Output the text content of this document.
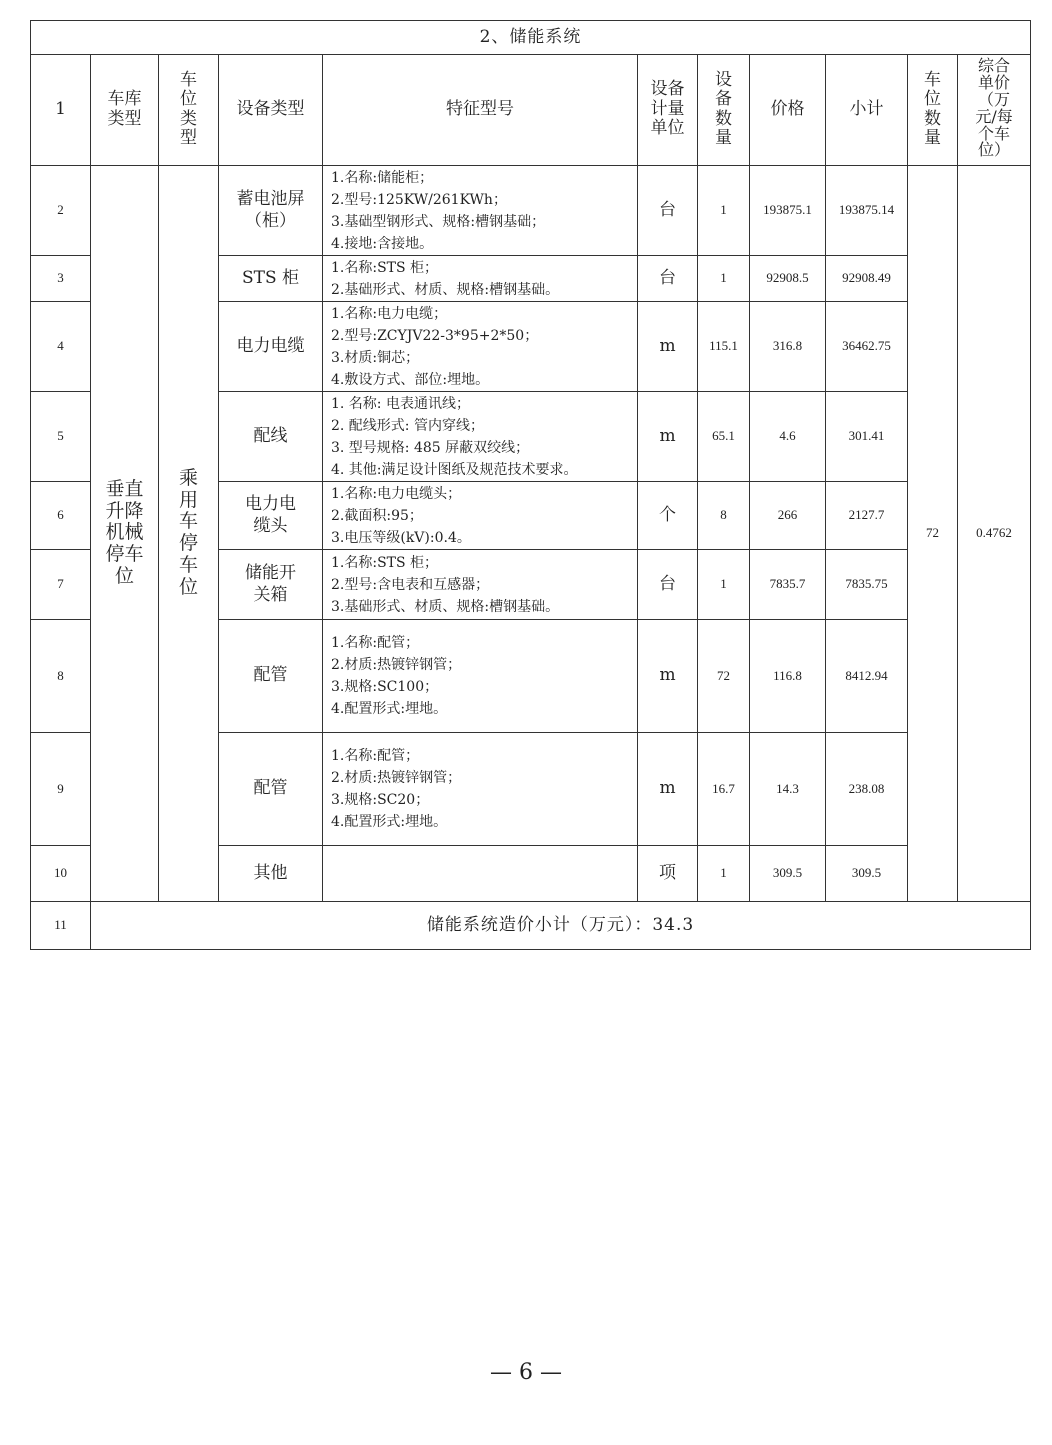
2、储能系统										
1	车库类型	车位类型	设备类型	特征型号	设备计量单位	设备数量	价格	小计	车位数量	综合单价（万元/每个车位）
2	垂直升降机械停车位	乘用车停车位	蓄电池屏（柜）	1.名称:储能柜；
2.型号:125KW/261KWh；
3.基础型钢形式、规格:槽钢基础；
4.接地:含接地。	台	1	193875.1	193875.14	72	0.4762
3			STS 柜	1.名称:STS 柜；
2.基础形式、材质、规格:槽钢基础。	台	1	92908.5	92908.49		
4			电力电缆	1.名称:电力电缆；
2.型号:ZCYJV22-3*95+2*50；
3.材质:铜芯；
4.敷设方式、部位:埋地。	m	115.1	316.8	36462.75		
5			配线	1. 名称: 电表通讯线；
2. 配线形式: 管内穿线；
3. 型号规格: 485 屏蔽双绞线；
4. 其他:满足设计图纸及规范技术要求。	m	65.1	4.6	301.41		
6			电力电缆头	1.名称:电力电缆头；
2.截面积:95；
3.电压等级(kV):0.4。	个	8	266	2127.7		
7			储能开关箱	1.名称:STS 柜；
2.型号:含电表和互感器；
3.基础形式、材质、规格:槽钢基础。	台	1	7835.7	7835.75		
8			配管	1.名称:配管；
2.材质:热镀锌钢管；
3.规格:SC100；
4.配置形式:埋地。	m	72	116.8	8412.94		
9			配管	1.名称:配管；
2.材质:热镀锌钢管；
3.规格:SC20；
4.配置形式:埋地。	m	16.7	14.3	238.08		
10			其他		项	1	309.5	309.5		
11	储能系统造价小计（万元）：34.3									
— 6 —
